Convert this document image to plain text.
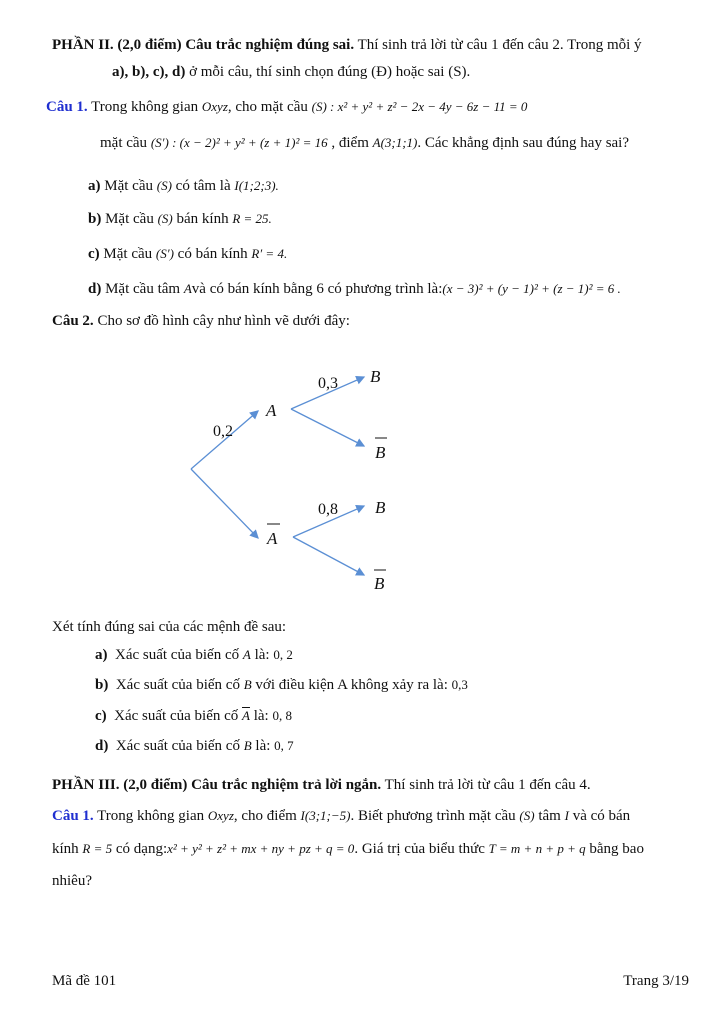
PHẦN II. (2,0 điểm) Câu trắc nghiệm đúng sai. Thí sinh trả lời từ câu 1 đến câu 2. Trong mỗi ý
a), b), c), d) ở mỗi câu, thí sinh chọn đúng (Đ) hoặc sai (S).
Câu 1. Trong không gian Oxyz, cho mặt cầu (S) : x² + y² + z² − 2x − 4y − 6z − 11 = 0
mặt cầu (S′) : (x − 2)² + y² + (z + 1)² = 16 , điểm A(3;1;1). Các khẳng định sau đúng hay sai?
a) Mặt cầu (S) có tâm là I(1;2;3).
b) Mặt cầu (S) bán kính R = 25.
c) Mặt cầu (S′) có bán kính R′ = 4.
d) Mặt cầu tâm Avà có bán kính bằng 6 có phương trình là:(x − 3)² + (y − 1)² + (z − 1)² = 6 .
Câu 2. Cho sơ đồ hình cây như hình vẽ dưới đây:
0,2
A
A
0,3 B
B
0,8 B
B
Xét tính đúng sai của các mệnh đề sau:
a) Xác suất của biến cố A là: 0, 2
b) Xác suất của biến cố B với điều kiện A không xảy ra là: 0,3
c) Xác suất của biến cố $\overline{A}$ là: 0, 8
d) Xác suất của biến cố B là: 0, 7
PHẦN III. (2,0 điểm) Câu trắc nghiệm trả lời ngắn. Thí sinh trả lời từ câu 1 đến câu 4.
Câu 1. Trong không gian Oxyz, cho điểm I(3;1;−5). Biết phương trình mặt cầu (S) tâm I và có bán
kính R = 5 có dạng:x² + y² + z² + mx + ny + pz + q = 0. Giá trị của biểu thức T = m + n + p + q bằng bao
nhiêu?
Mã đề 101	Trang 3/19
